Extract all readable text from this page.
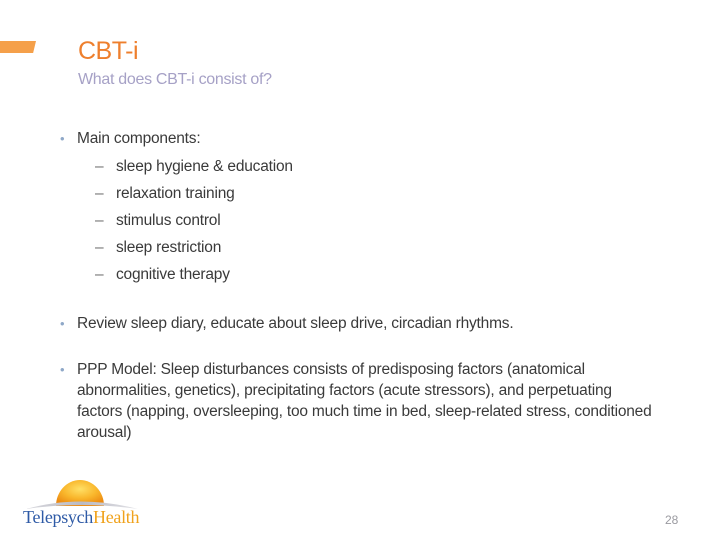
CBT-i
What does CBT-i consist of?
• Main components:
– sleep hygiene & education
– relaxation training
– stimulus control
– sleep restriction
– cognitive therapy
• Review sleep diary, educate about sleep drive, circadian rhythms.
• PPP Model: Sleep disturbances consists of predisposing factors (anatomical abnormalities, genetics), precipitating factors (acute stressors), and perpetuating factors (napping, oversleeping, too much time in bed, sleep-related stress, conditioned arousal)
TelepsychHealth	28
